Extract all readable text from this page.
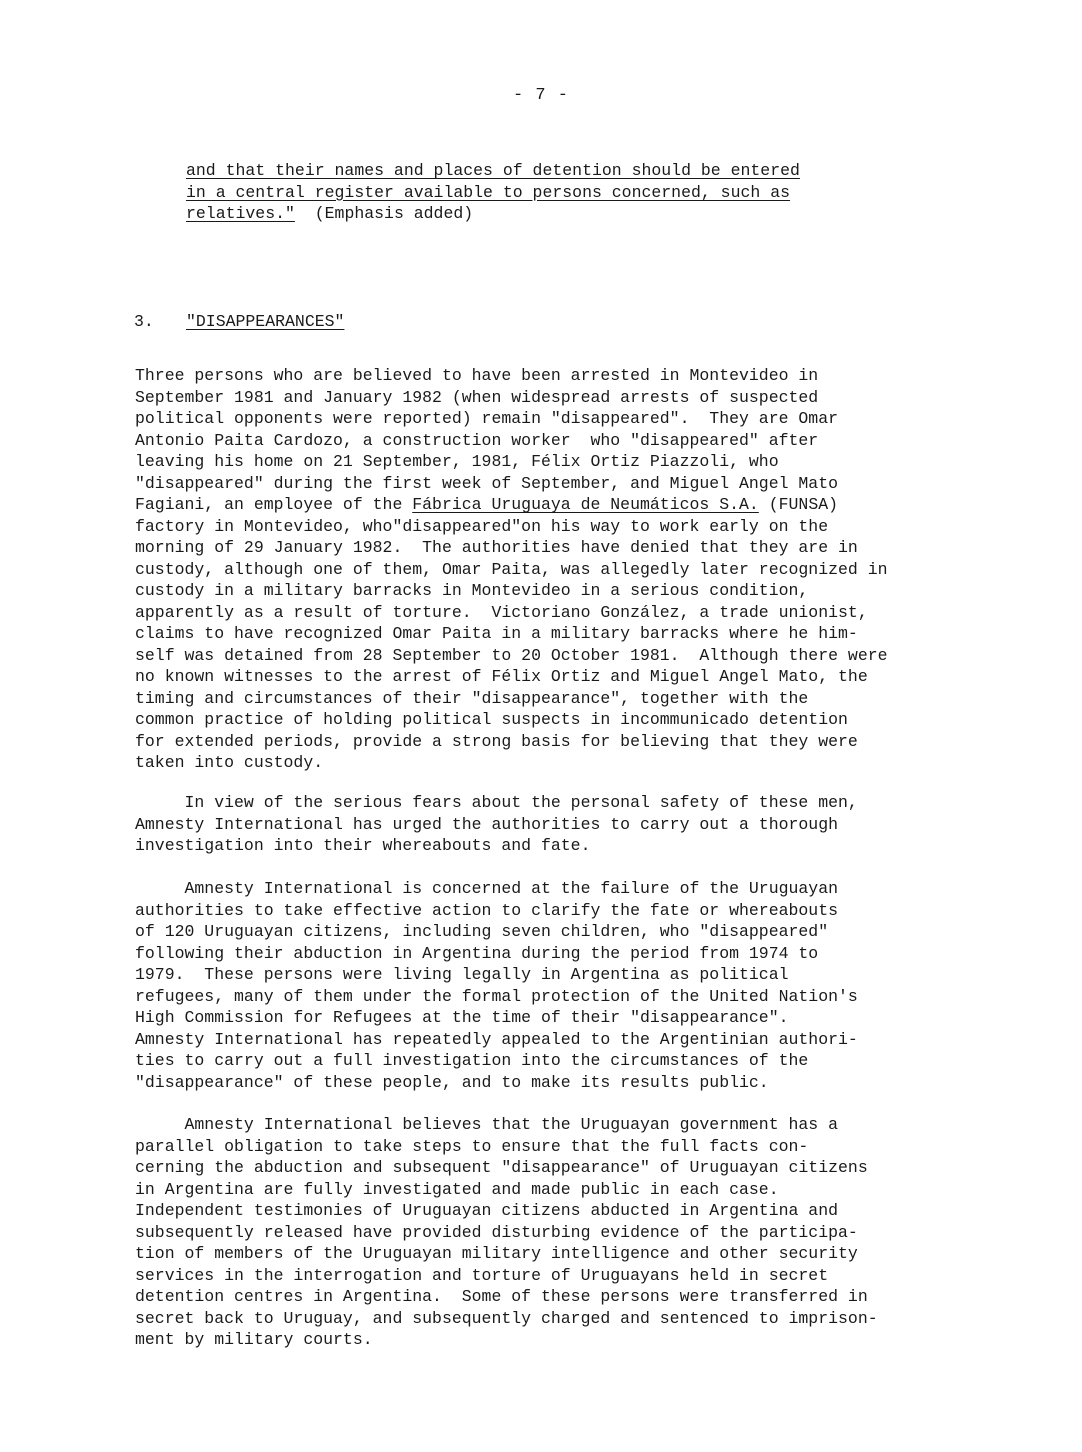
- 7 -
and that their names and places of detention should be entered
in a central register available to persons concerned, such as
relatives." (Emphasis added)
3. "DISAPPEARANCES"
Three persons who are believed to have been arrested in Montevideo in
September 1981 and January 1982 (when widespread arrests of suspected
political opponents were reported) remain "disappeared".  They are Omar
Antonio Paita Cardozo, a construction worker  who "disappeared" after
leaving his home on 21 September, 1981, Félix Ortiz Piazzoli, who
"disappeared" during the first week of September, and Miguel Angel Mato
Fagiani, an employee of the Fábrica Uruguaya de Neumáticos S.A. (FUNSA)
factory in Montevideo, who"disappeared"on his way to work early on the
morning of 29 January 1982.  The authorities have denied that they are in
custody, although one of them, Omar Paita, was allegedly later recognized in
custody in a military barracks in Montevideo in a serious condition,
apparently as a result of torture.  Victoriano González, a trade unionist,
claims to have recognized Omar Paita in a military barracks where he him-
self was detained from 28 September to 20 October 1981.  Although there were
no known witnesses to the arrest of Félix Ortiz and Miguel Angel Mato, the
timing and circumstances of their "disappearance", together with the
common practice of holding political suspects in incommunicado detention
for extended periods, provide a strong basis for believing that they were
taken into custody.
In view of the serious fears about the personal safety of these men,
Amnesty International has urged the authorities to carry out a thorough
investigation into their whereabouts and fate.
Amnesty International is concerned at the failure of the Uruguayan
authorities to take effective action to clarify the fate or whereabouts
of 120 Uruguayan citizens, including seven children, who "disappeared"
following their abduction in Argentina during the period from 1974 to
1979.  These persons were living legally in Argentina as political
refugees, many of them under the formal protection of the United Nation's
High Commission for Refugees at the time of their "disappearance".
Amnesty International has repeatedly appealed to the Argentinian authori-
ties to carry out a full investigation into the circumstances of the
"disappearance" of these people, and to make its results public.
Amnesty International believes that the Uruguayan government has a
parallel obligation to take steps to ensure that the full facts con-
cerning the abduction and subsequent "disappearance" of Uruguayan citizens
in Argentina are fully investigated and made public in each case.
Independent testimonies of Uruguayan citizens abducted in Argentina and
subsequently released have provided disturbing evidence of the participa-
tion of members of the Uruguayan military intelligence and other security
services in the interrogation and torture of Uruguayans held in secret
detention centres in Argentina.  Some of these persons were transferred in
secret back to Uruguay, and subsequently charged and sentenced to imprison-
ment by military courts.
